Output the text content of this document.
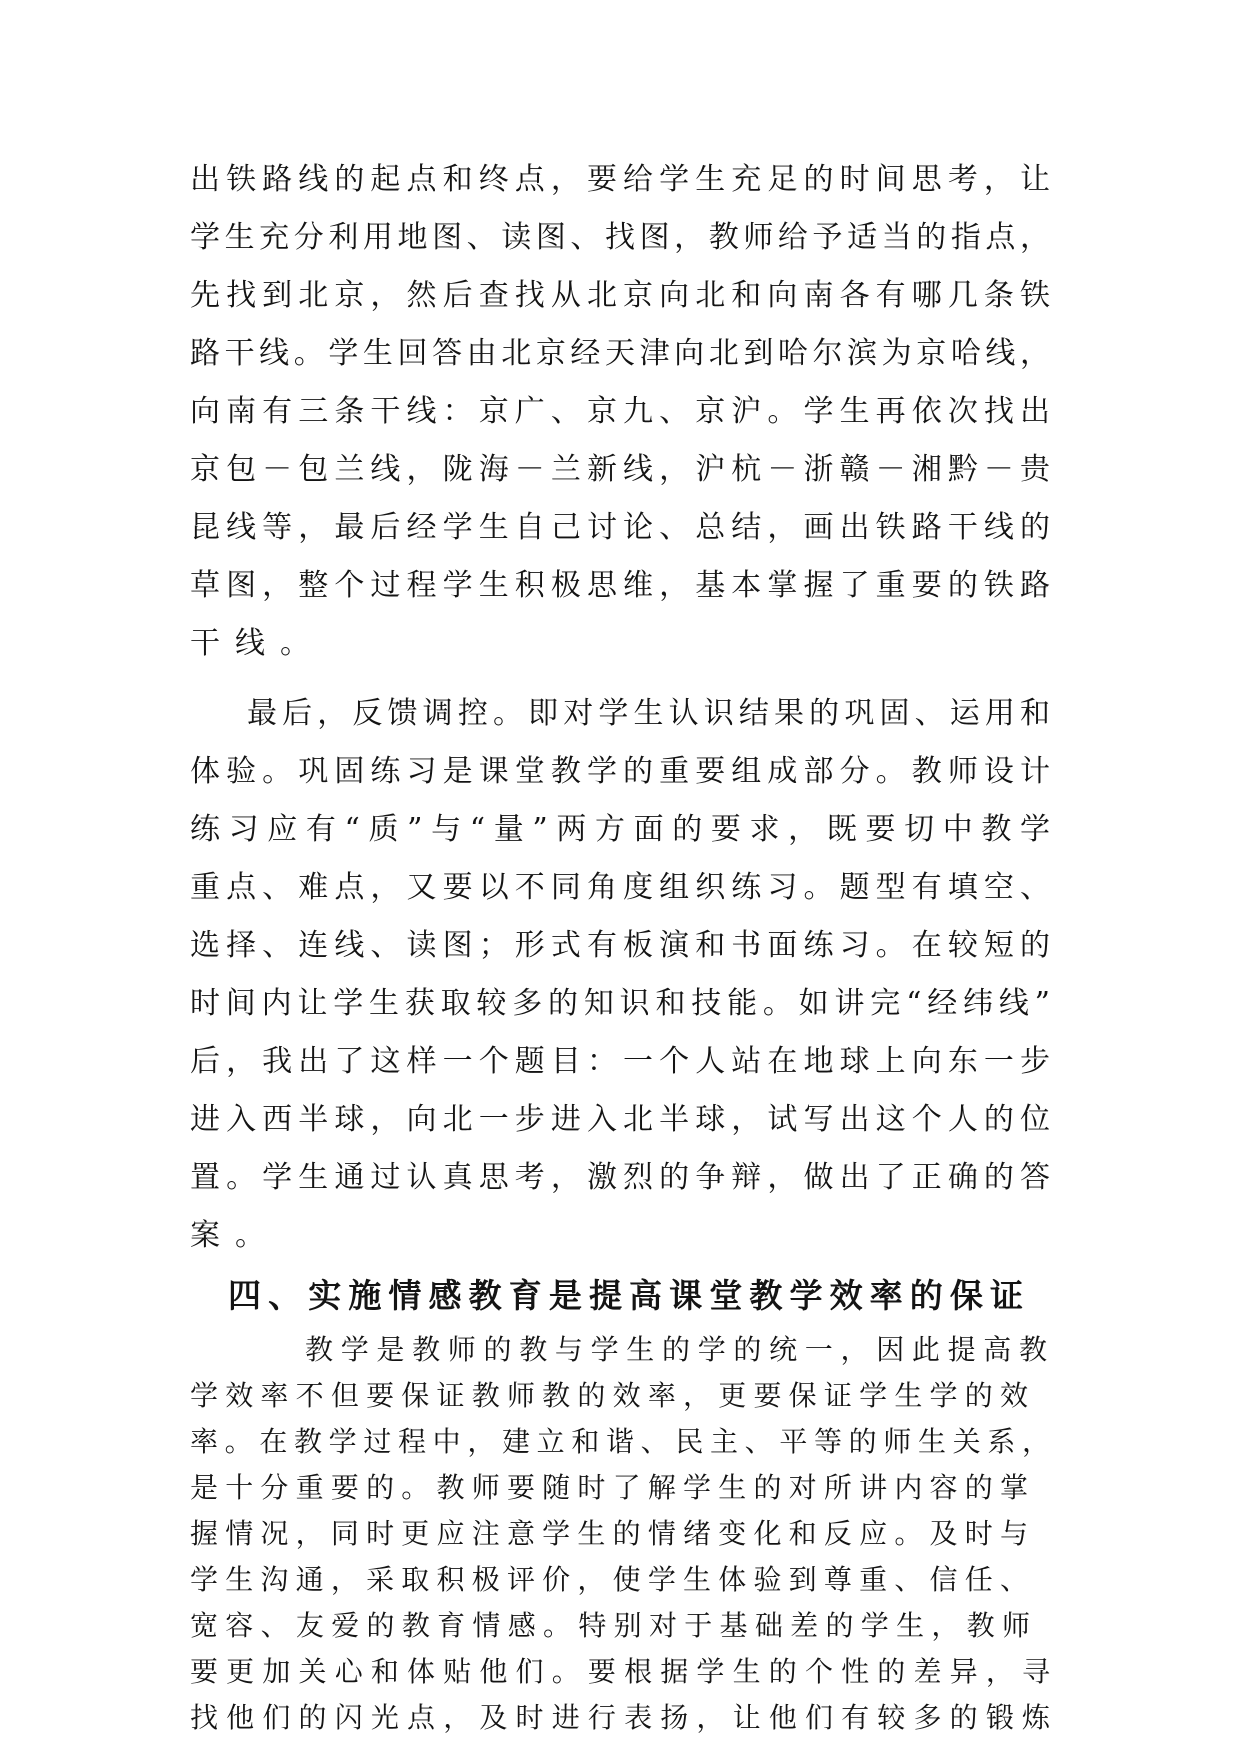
出铁路线的起点和终点，要给学生充足的时间思考，让
学生充分利用地图、读图、找图，教师给予适当的指点，
先找到北京，然后查找从北京向北和向南各有哪几条铁
路干线。学生回答由北京经天津向北到哈尔滨为京哈线，
向南有三条干线：京广、京九、京沪。学生再依次找出
京包－包兰线，陇海－兰新线，沪杭－浙赣－湘黔－贵
昆线等，最后经学生自己讨论、总结，画出铁路干线的
草图，整个过程学生积极思维，基本掌握了重要的铁路
干线。
最后，反馈调控。即对学生认识结果的巩固、运用和
体验。巩固练习是课堂教学的重要组成部分。教师设计
练习应有“质”与“量”两方面的要求，既要切中教学
重点、难点，又要以不同角度组织练习。题型有填空、
选择、连线、读图；形式有板演和书面练习。在较短的
时间内让学生获取较多的知识和技能。如讲完“经纬线”
后，我出了这样一个题目：一个人站在地球上向东一步
进入西半球，向北一步进入北半球，试写出这个人的位
置。学生通过认真思考，激烈的争辩，做出了正确的答
案。
四、实施情感教育是提高课堂教学效率的保证
教学是教师的教与学生的学的统一，因此提高教
学效率不但要保证教师教的效率，更要保证学生学的效
率。在教学过程中，建立和谐、民主、平等的师生关系，
是十分重要的。教师要随时了解学生的对所讲内容的掌
握情况，同时更应注意学生的情绪变化和反应。及时与
学生沟通，采取积极评价，使学生体验到尊重、信任、
宽容、友爱的教育情感。特别对于基础差的学生，教师
要更加关心和体贴他们。要根据学生的个性的差异，寻
找他们的闪光点，及时进行表扬，让他们有较多的锻炼
